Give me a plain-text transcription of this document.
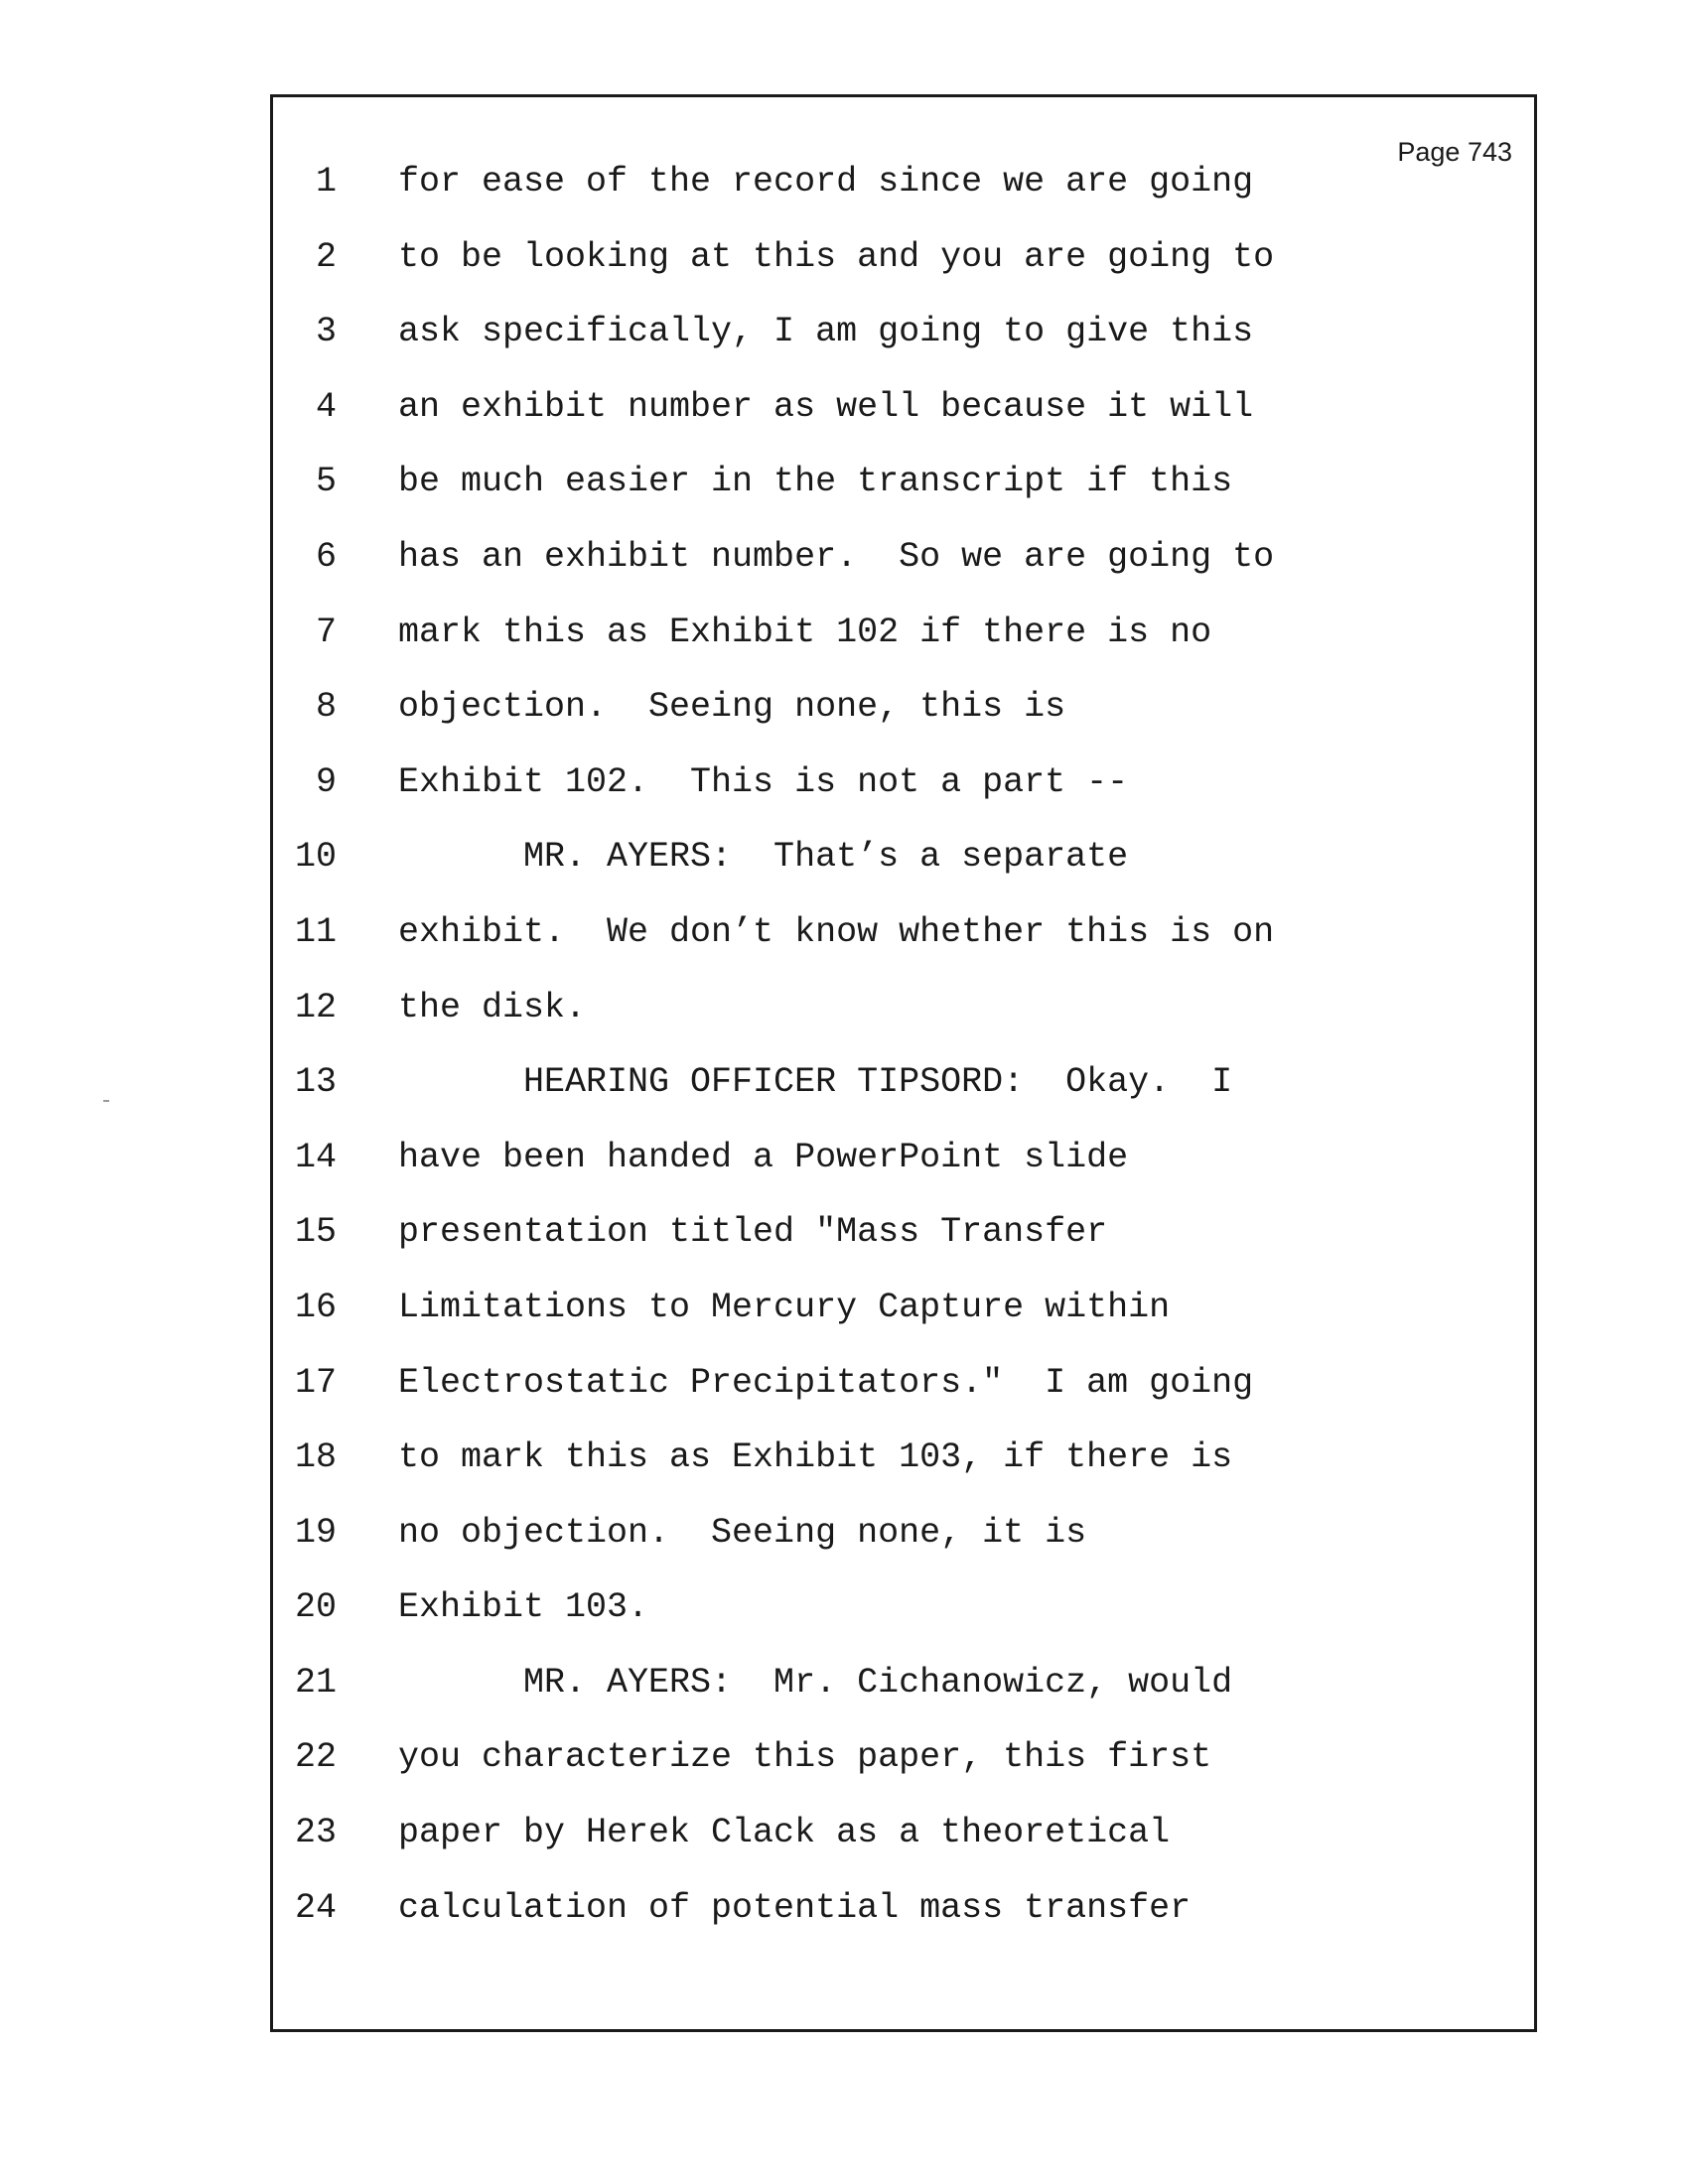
Page 743
1 for ease of the record since we are going
2 to be looking at this and you are going to
3 ask specifically, I am going to give this
4 an exhibit number as well because it will
5 be much easier in the transcript if this
6 has an exhibit number.  So we are going to
7 mark this as Exhibit 102 if there is no
8 objection.  Seeing none, this is
9 Exhibit 102.  This is not a part --
10 MR. AYERS:  That’s a separate
11 exhibit.  We don’t know whether this is on
12 the disk.
13 HEARING OFFICER TIPSORD:  Okay.  I
14 have been handed a PowerPoint slide
15 presentation titled "Mass Transfer
16 Limitations to Mercury Capture within
17 Electrostatic Precipitators."  I am going
18 to mark this as Exhibit 103, if there is
19 no objection.  Seeing none, it is
20 Exhibit 103.
21 MR. AYERS:  Mr. Cichanowicz, would
22 you characterize this paper, this first
23 paper by Herek Clack as a theoretical
24 calculation of potential mass transfer
